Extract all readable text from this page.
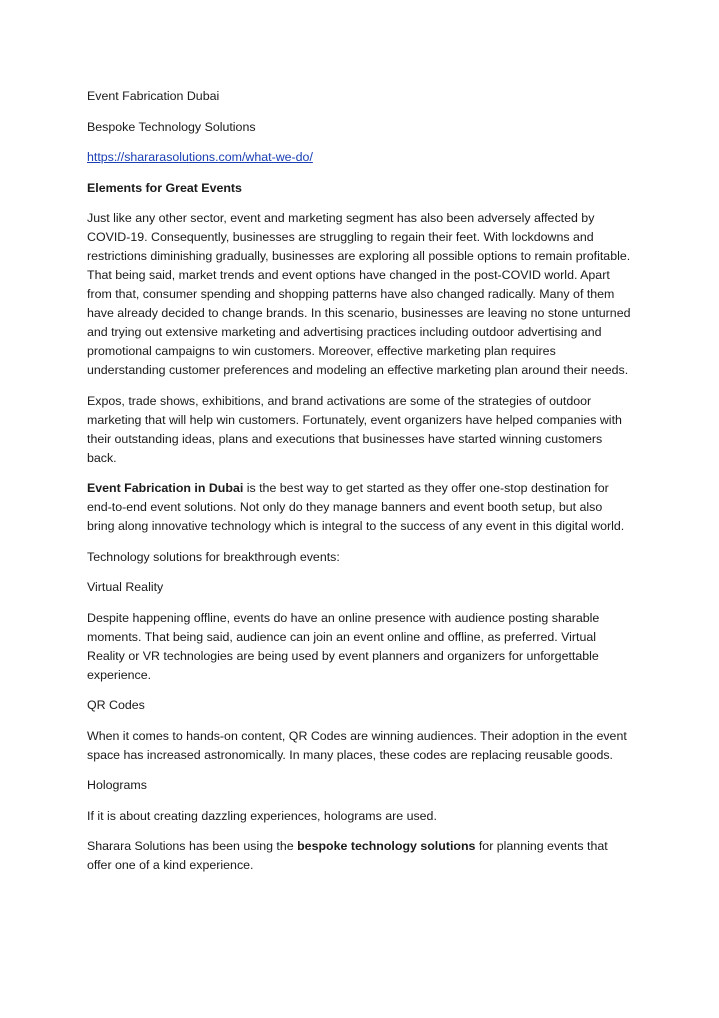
Event Fabrication Dubai

Bespoke Technology Solutions

https://shararasolutions.com/what-we-do/

Elements for Great Events

Just like any other sector, event and marketing segment has also been adversely affected by COVID-19. Consequently, businesses are struggling to regain their feet. With lockdowns and restrictions diminishing gradually, businesses are exploring all possible options to remain profitable. That being said, market trends and event options have changed in the post-COVID world. Apart from that, consumer spending and shopping patterns have also changed radically. Many of them have already decided to change brands. In this scenario, businesses are leaving no stone unturned and trying out extensive marketing and advertising practices including outdoor advertising and promotional campaigns to win customers. Moreover, effective marketing plan requires understanding customer preferences and modeling an effective marketing plan around their needs.

Expos, trade shows, exhibitions, and brand activations are some of the strategies of outdoor marketing that will help win customers. Fortunately, event organizers have helped companies with their outstanding ideas, plans and executions that businesses have started winning customers back.

Event Fabrication in Dubai is the best way to get started as they offer one-stop destination for end-to-end event solutions. Not only do they manage banners and event booth setup, but also bring along innovative technology which is integral to the success of any event in this digital world.

Technology solutions for breakthrough events:

Virtual Reality

Despite happening offline, events do have an online presence with audience posting sharable moments. That being said, audience can join an event online and offline, as preferred. Virtual Reality or VR technologies are being used by event planners and organizers for unforgettable experience.

QR Codes

When it comes to hands-on content, QR Codes are winning audiences. Their adoption in the event space has increased astronomically. In many places, these codes are replacing reusable goods.

Holograms

If it is about creating dazzling experiences, holograms are used.

Sharara Solutions has been using the bespoke technology solutions for planning events that offer one of a kind experience.
